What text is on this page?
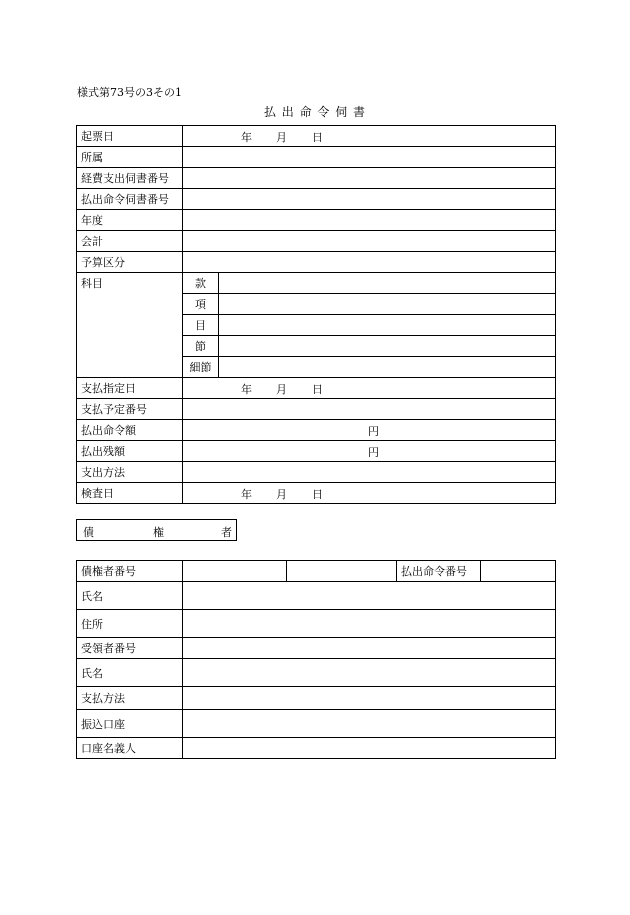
様式第73号の3その1
払 出 命 令 伺 書
起票日	年 月 日	

所属		
経費支出伺書番号		
払出命令伺書番号		
年度		
会計		
予算区分		
科目	款	
	項	
	目	
	節	
	細節	
支払指定日	年 月 日	

支払予定番号		
払出命令額	円	

払出残額	円	

支出方法		
検査日	年 月 日	
債	権	者
債権者番号			払出命令番号	
氏名				
住所				
受領者番号				
氏名				
支払方法				
振込口座				
口座名義人				
